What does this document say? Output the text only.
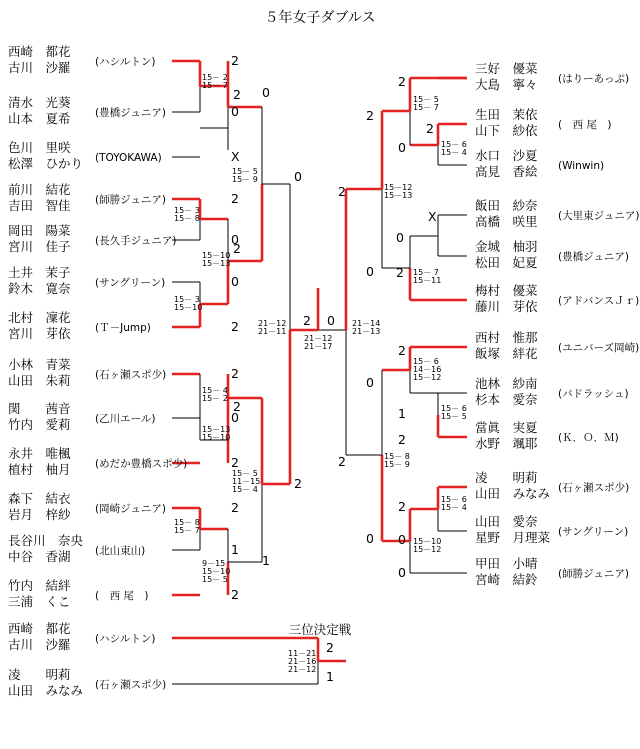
５年女子ダブルス
三位決定戦
西崎　都花
古川　沙羅 (ハシルトン)	2
清水　光葵
山本　夏希 (豊橋ジュニア)	0
色川　里咲
松澤　ひかり (TOYOKAWA)	X
前川　結花
吉田　智佳 (師勝ジュニア)	2
岡田　陽菜
宮川　佳子 (長久手ジュニア)	0
土井　茉子
鈴木　寛奈 (サングリーン)	0
北村　凜花
宮川　芽依 (Ｔ－Jump)	2
小林　青菜
山田　朱莉 (石ヶ瀬スポ少)	2
関　　茜音
竹内　愛莉 (乙川エール)	0
永井　唯楓
植村　柚月 (めだか豊橋スポ少)	2
森下　結衣
岩月　梓紗 (岡崎ジュニア)	2
長谷川　奈央
中谷　香湖 (北山東山)	1
竹内　結絆
三浦　くこ (　西 尾　)	2
15－ 2
15－ 7
15－ 3
15－ 8
15－ 3
15－10
15－10
15－13
15－ 5
15－ 9
15－13
15－10
15－ 4
15－ 2
15－ 8
15－ 7
9－15
15－10
15－ 5
15－ 5
11－15
15－ 4
21－12
21－11
2
2
2
1
0
0
2
2 0
21－12
21－17
三好　優菜
大島　寧々 (はりーあっぷ)
生田　茉依
山下　紗依 (　西 尾　)
水口　沙夏
高見　香絵 (Winwin)
飯田　紗奈
高橋　咲里 (大里東ジュニア)
金城　柚羽
松田　妃夏 (豊橋ジュニア)
梅村　優菜
藤川　芽依 (アドバンスＪｒ)
西村　惟那
飯塚　絆花 (ユニバーズ岡崎)
池林　紗南
杉本　愛奈 (バドラッシュ)
當眞　実夏
水野　颯耶 (Ｋ．Ｏ．Ｍ)
凌　　明莉
山田　みなみ (石ヶ瀬スポ少)
山田　愛奈
星野　月理菜 (サングリーン)
甲田　小晴
宮崎　結鈴 (師勝ジュニア)
15－ 6
15－ 4
15－ 5
15－ 7
15－ 7
15－11
15－12
15－13
15－ 6
14－16
15－12
15－ 6
15－ 5
15－ 6
15－ 4
15－10
15－12
15－ 8
15－ 9
21－14
21－13
2
2
0
X
0
2
2
1
2
2
0
0
2
0
0
2
2
0
西崎　都花
古川　沙羅 (ハシルトン)
凌　　明莉
山田　みなみ (石ヶ瀬スポ少)
2
1
11－21
21－16
21－12
